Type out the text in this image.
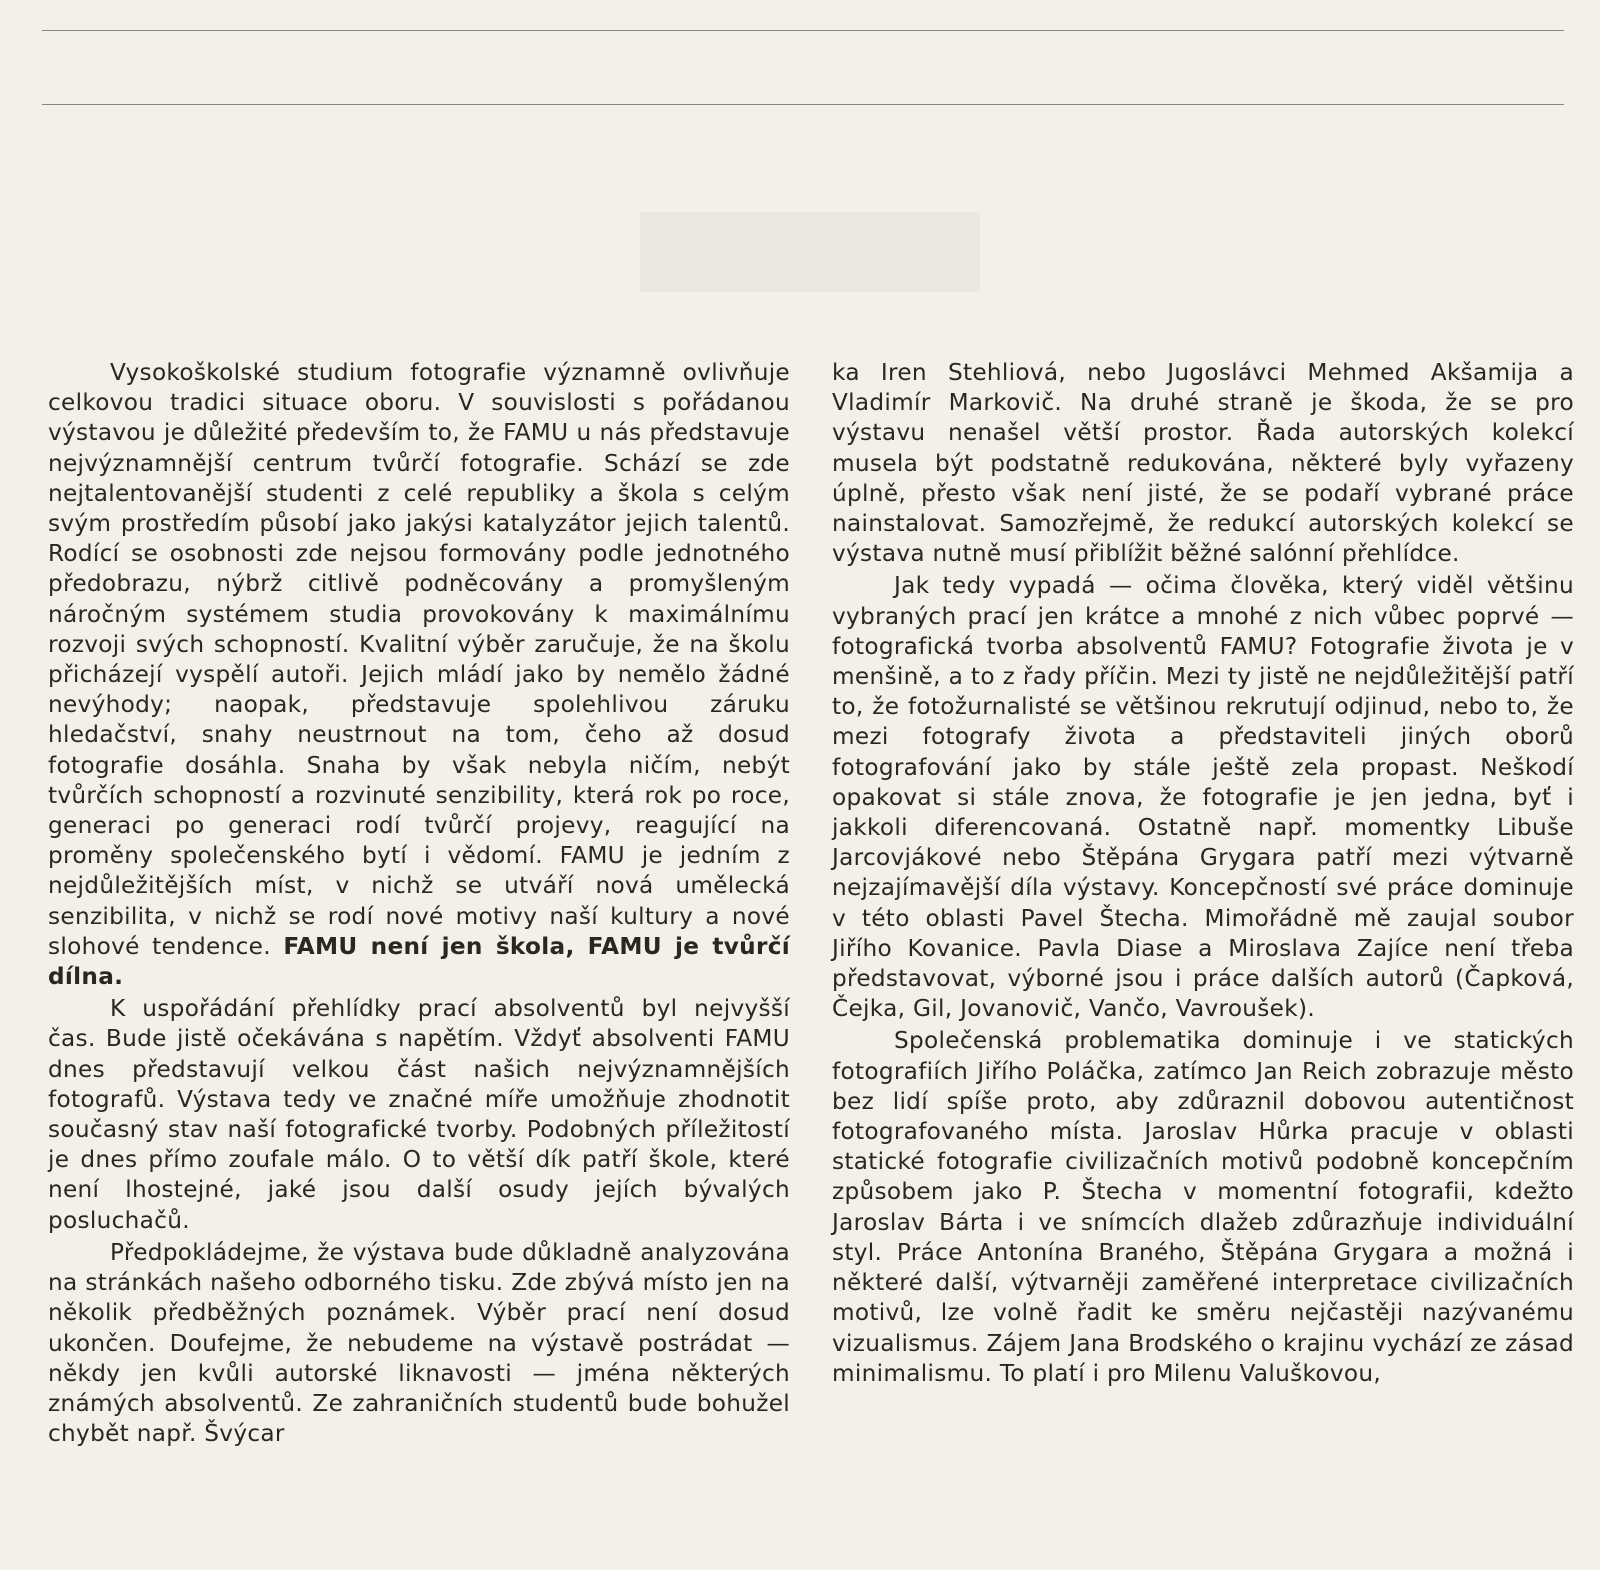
Vysokoškolské studium fotografie významně ovlivňuje celkovou tradici situace oboru. V souvislosti s pořádanou výstavou je důležité především to, že FAMU u nás představuje nejvýznamnější centrum tvůrčí fotografie. Schází se zde nejtalentovanější studenti z celé republiky a škola s celým svým prostředím působí jako jakýsi katalyzátor jejich talentů. Rodící se osobnosti zde nejsou formovány podle jednotného předobrazu, nýbrž citlivě podněcovány a promyšleným náročným systémem studia provokovány k maximálnímu rozvoji svých schopností. Kvalitní výběr zaručuje, že na školu přicházejí vyspělí autoři. Jejich mládí jako by nemělo žádné nevýhody; naopak, představuje spolehlivou záruku hledačství, snahy neustrnout na tom, čeho až dosud fotografie dosáhla. Snaha by však nebyla ničím, nebýt tvůrčích schopností a rozvinuté senzibility, která rok po roce, generaci po generaci rodí tvůrčí projevy, reagující na proměny společenského bytí i vědomí. FAMU je jedním z nejdůležitějších míst, v nichž se utváří nová umělecká senzibilita, v nichž se rodí nové motivy naší kultury a nové slohové tendence. FAMU není jen škola, FAMU je tvůrčí dílna.

K uspořádání přehlídky prací absolventů byl nejvyšší čas. Bude jistě očekávána s napětím. Vždyť absolventi FAMU dnes představují velkou část našich nejvýznamnějších fotografů. Výstava tedy ve značné míře umožňuje zhodnotit současný stav naší fotografické tvorby. Podobných příležitostí je dnes přímo zoufale málo. O to větší dík patří škole, které není lhostejné, jaké jsou další osudy jejích bývalých posluchačů.

Předpokládejme, že výstava bude důkladně analyzována na stránkách našeho odborného tisku. Zde zbývá místo jen na několik předběžných poznámek. Výběr prací není dosud ukončen. Doufejme, že nebudeme na výstavě postrádat — někdy jen kvůli autorské liknavosti — jména některých známých absolventů. Ze zahraničních studentů bude bohužel chybět např. Švýcar

ka Iren Stehliová, nebo Jugoslávci Mehmed Akšamija a Vladimír Markovič. Na druhé straně je škoda, že se pro výstavu nenašel větší prostor. Řada autorských kolekcí musela být podstatně redukována, některé byly vyřazeny úplně, přesto však není jisté, že se podaří vybrané práce nainstalovat. Samozřejmě, že redukcí autorských kolekcí se výstava nutně musí přiblížit běžné salónní přehlídce.

Jak tedy vypadá — očima člověka, který viděl většinu vybraných prací jen krátce a mnohé z nich vůbec poprvé — fotografická tvorba absolventů FAMU? Fotografie života je v menšině, a to z řady příčin. Mezi ty jistě ne nejdůležitější patří to, že fotožurnalisté se většinou rekrutují odjinud, nebo to, že mezi fotografy života a představiteli jiných oborů fotografování jako by stále ještě zela propast. Neškodí opakovat si stále znova, že fotografie je jen jedna, byť i jakkoli diferencovaná. Ostatně např. momentky Libuše Jarcovjákové nebo Štěpána Grygara patří mezi výtvarně nejzajímavější díla výstavy. Koncepčností své práce dominuje v této oblasti Pavel Štecha. Mimořádně mě zaujal soubor Jiřího Kovanice. Pavla Diase a Miroslava Zajíce není třeba představovat, výborné jsou i práce dalších autorů (Čapková, Čejka, Gil, Jovanovič, Vančo, Vavroušek).

Společenská problematika dominuje i ve statických fotografiích Jiřího Poláčka, zatímco Jan Reich zobrazuje město bez lidí spíše proto, aby zdůraznil dobovou autentičnost fotografovaného místa. Jaroslav Hůrka pracuje v oblasti statické fotografie civilizačních motivů podobně koncepčním způsobem jako P. Štecha v momentní fotografii, kdežto Jaroslav Bárta i ve snímcích dlažeb zdůrazňuje individuální styl. Práce Antonína Braného, Štěpána Grygara a možná i některé další, výtvarněji zaměřené interpretace civilizačních motivů, lze volně řadit ke směru nejčastěji nazývanému vizualismus. Zájem Jana Brodského o krajinu vychází ze zásad minimalismu. To platí i pro Milenu Valuškovou,
